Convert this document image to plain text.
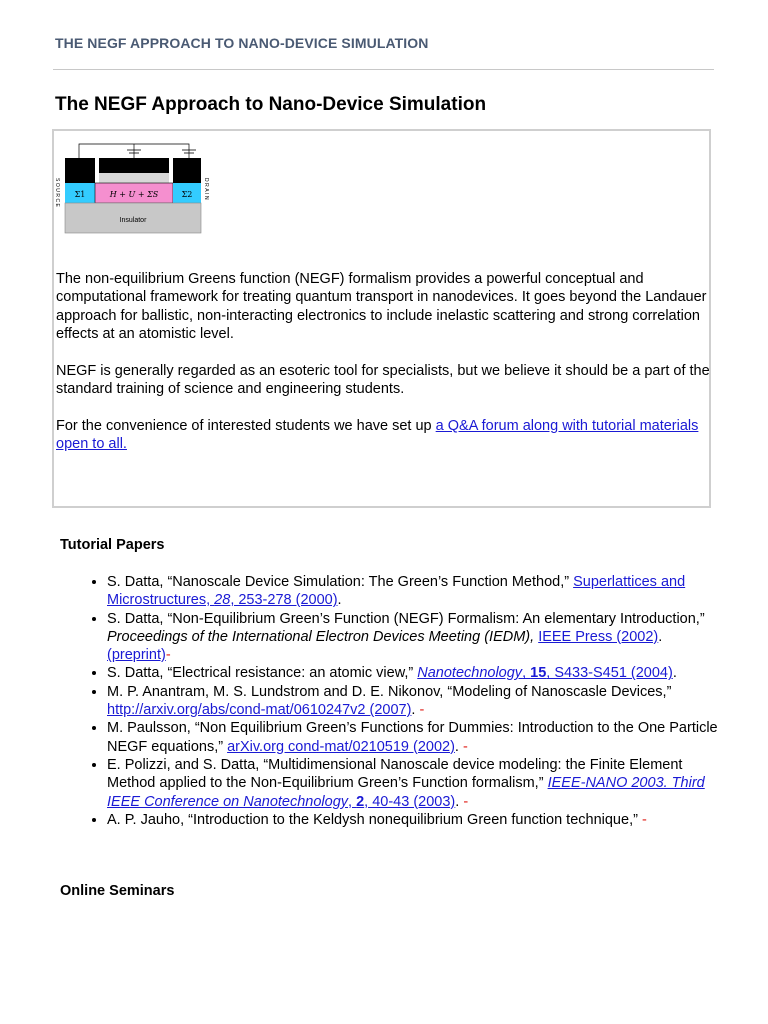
THE NEGF APPROACH TO NANO-DEVICE SIMULATION
The NEGF Approach to Nano-Device Simulation
Σ1	H + U + ΣS	Σ2
Insulator
SOURCE	DRAIN

The non-equilibrium Greens function (NEGF) formalism provides a powerful conceptual and computational framework for treating quantum transport in nanodevices. It goes beyond the Landauer approach for ballistic, non-interacting electronics to include inelastic scattering and strong correlation effects at an atomistic level.

NEGF is generally regarded as an esoteric tool for specialists, but we believe it should be a part of the standard training of science and engineering students.

For the convenience of interested students we have set up a Q&A forum along with tutorial materials open to all.

Tutorial Papers
• S. Datta, “Nanoscale Device Simulation: The Green’s Function Method,” Superlattices and Microstructures, 28, 253-278 (2000).
• S. Datta, “Non-Equilibrium Green’s Function (NEGF) Formalism: An elementary Introduction,” Proceedings of the International Electron Devices Meeting (IEDM), IEEE Press (2002). (preprint)-
• S. Datta, “Electrical resistance: an atomic view,” Nanotechnology, 15, S433-S451 (2004).
• M. P. Anantram, M. S. Lundstrom and D. E. Nikonov, “Modeling of Nanoscasle Devices,” http://arxiv.org/abs/cond-mat/0610247v2 (2007). -
• M. Paulsson, “Non Equilibrium Green’s Functions for Dummies: Introduction to the One Particle NEGF equations,” arXiv.org cond-mat/0210519 (2002). -
• E. Polizzi, and S. Datta, “Multidimensional Nanoscale device modeling: the Finite Element Method applied to the Non-Equilibrium Green’s Function formalism,” IEEE-NANO 2003. Third IEEE Conference on Nanotechnology, 2, 40-43 (2003). -
• A. P. Jauho, “Introduction to the Keldysh nonequilibrium Green function technique,” -
Online Seminars
